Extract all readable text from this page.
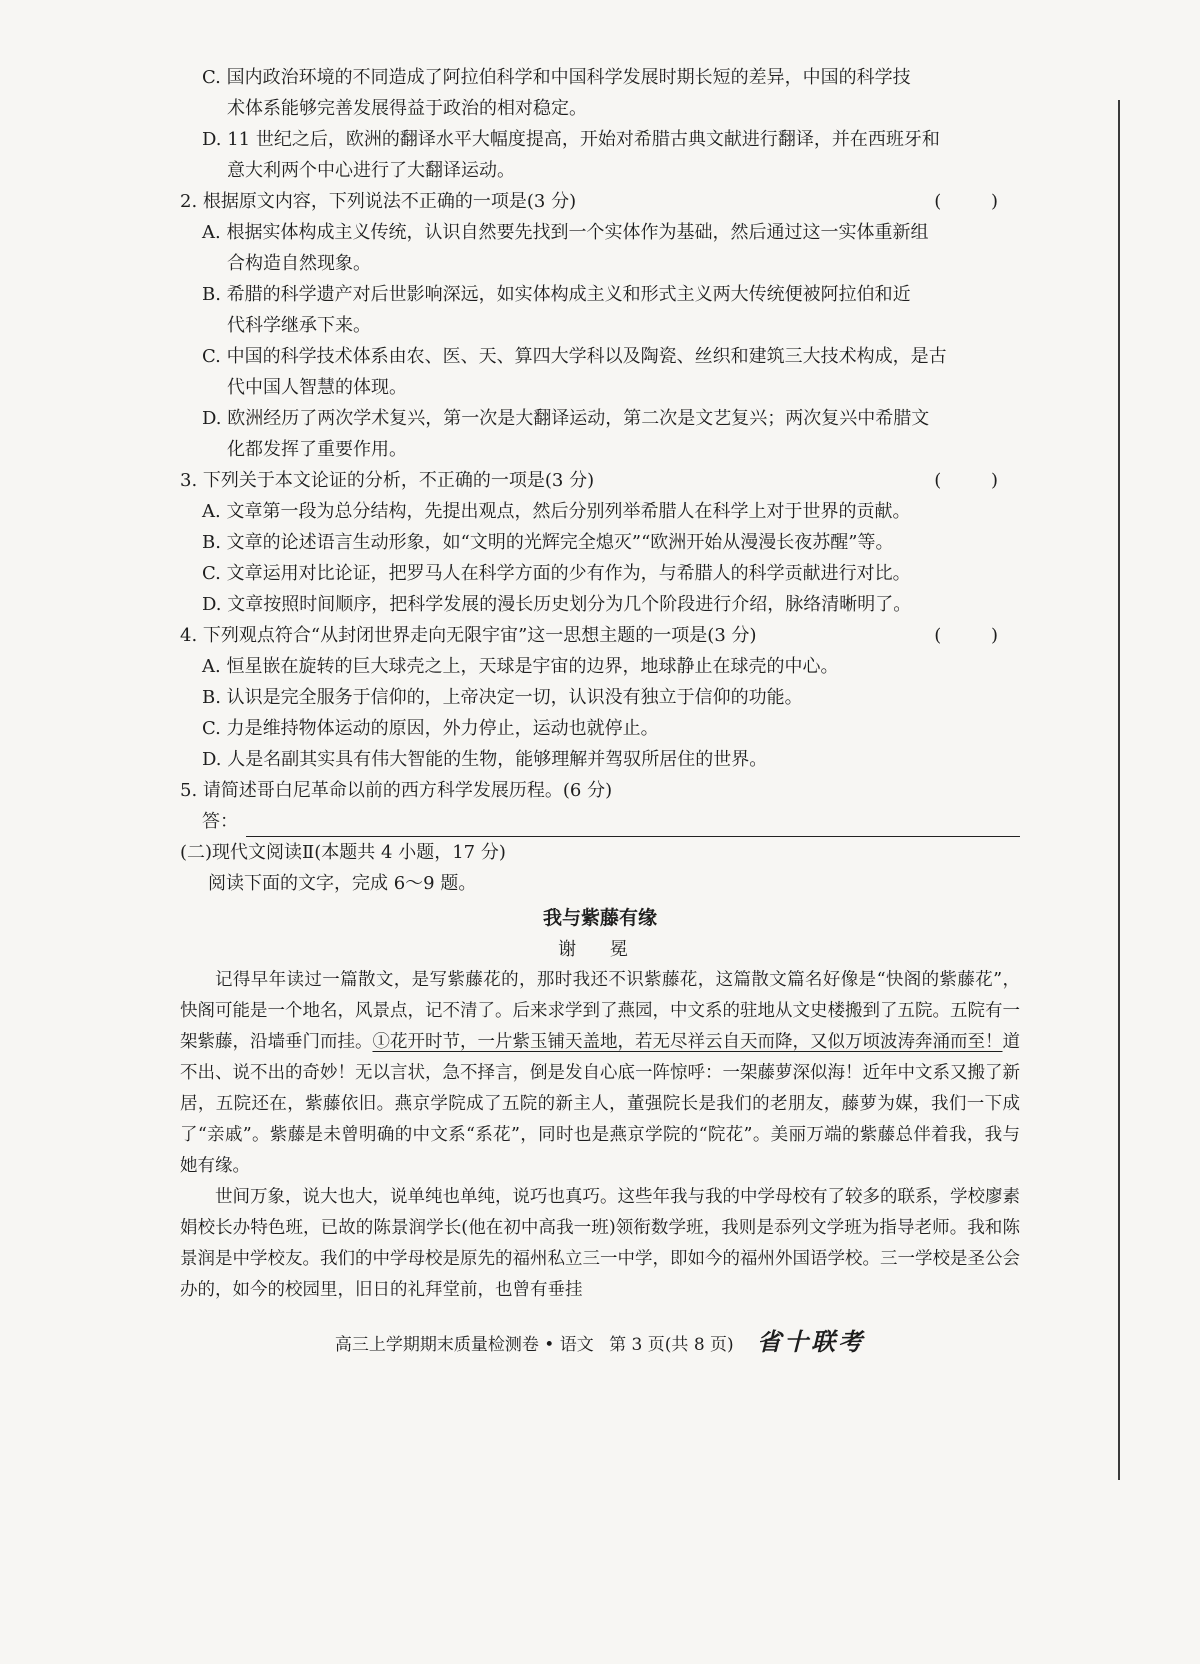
C. 国内政治环境的不同造成了阿拉伯科学和中国科学发展时期长短的差异，中国的科学技
术体系能够完善发展得益于政治的相对稳定。
D. 11 世纪之后，欧洲的翻译水平大幅度提高，开始对希腊古典文献进行翻译，并在西班牙和
意大利两个中心进行了大翻译运动。
2. 根据原文内容，下列说法不正确的一项是(3 分)	( )
A. 根据实体构成主义传统，认识自然要先找到一个实体作为基础，然后通过这一实体重新组
合构造自然现象。
B. 希腊的科学遗产对后世影响深远，如实体构成主义和形式主义两大传统便被阿拉伯和近
代科学继承下来。
C. 中国的科学技术体系由农、医、天、算四大学科以及陶瓷、丝织和建筑三大技术构成，是古
代中国人智慧的体现。
D. 欧洲经历了两次学术复兴，第一次是大翻译运动，第二次是文艺复兴；两次复兴中希腊文
化都发挥了重要作用。
3. 下列关于本文论证的分析，不正确的一项是(3 分)	( )
A. 文章第一段为总分结构，先提出观点，然后分别列举希腊人在科学上对于世界的贡献。
B. 文章的论述语言生动形象，如“文明的光辉完全熄灭”“欧洲开始从漫漫长夜苏醒”等。
C. 文章运用对比论证，把罗马人在科学方面的少有作为，与希腊人的科学贡献进行对比。
D. 文章按照时间顺序，把科学发展的漫长历史划分为几个阶段进行介绍，脉络清晰明了。
4. 下列观点符合“从封闭世界走向无限宇宙”这一思想主题的一项是(3 分)	( )
A. 恒星嵌在旋转的巨大球壳之上，天球是宇宙的边界，地球静止在球壳的中心。
B. 认识是完全服务于信仰的，上帝决定一切，认识没有独立于信仰的功能。
C. 力是维持物体运动的原因，外力停止，运动也就停止。
D. 人是名副其实具有伟大智能的生物，能够理解并驾驭所居住的世界。
5. 请简述哥白尼革命以前的西方科学发展历程。(6 分)
答：
(二)现代文阅读Ⅱ(本题共 4 小题，17 分)
阅读下面的文字，完成 6～9 题。
我与紫藤有缘
谢 冕

记得早年读过一篇散文，是写紫藤花的，那时我还不识紫藤花，这篇散文篇名好像是“快阁的紫藤花”，快阁可能是一个地名，风景点，记不清了。后来求学到了燕园，中文系的驻地从文史楼搬到了五院。五院有一架紫藤，沿墙垂门而挂。①花开时节，一片紫玉铺天盖地，若无尽祥云自天而降，又似万顷波涛奔涌而至！道不出、说不出的奇妙！无以言状，急不择言，倒是发自心底一阵惊呼：一架藤萝深似海！近年中文系又搬了新居，五院还在，紫藤依旧。燕京学院成了五院的新主人，董强院长是我们的老朋友，藤萝为媒，我们一下成了“亲戚”。紫藤是未曾明确的中文系“系花”，同时也是燕京学院的“院花”。美丽万端的紫藤总伴着我，我与她有缘。

世间万象，说大也大，说单纯也单纯，说巧也真巧。这些年我与我的中学母校有了较多的联系，学校廖素娟校长办特色班，已故的陈景润学长(他在初中高我一班)领衔数学班，我则是忝列文学班为指导老师。我和陈景润是中学校友。我们的中学母校是原先的福州私立三一中学，即如今的福州外国语学校。三一学校是圣公会办的，如今的校园里，旧日的礼拜堂前，也曾有垂挂

高三上学期期末质量检测卷 • 语文 第 3 页(共 8 页) 省十联考
